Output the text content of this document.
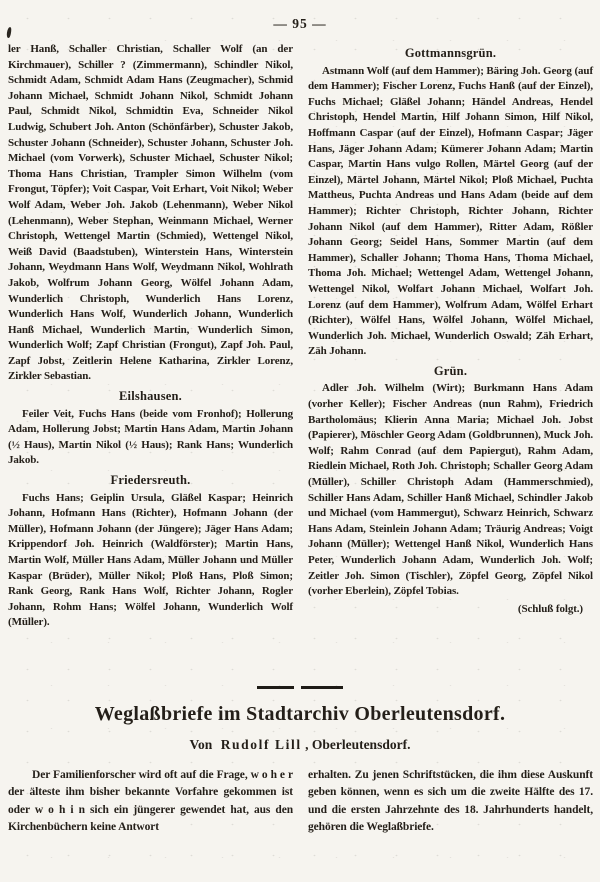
— 95 —

ler Hanß, Schaller Christian, Schaller Wolf (an der Kirchmauer), Schiller ? (Zimmermann), Schindler Nikol, Schmidt Adam, Schmidt Adam Hans (Zeugmacher), Schmid Johann Michael, Schmidt Johann Nikol, Schmidt Johann Paul, Schmidt Nikol, Schmidtin Eva, Schneider Nikol Ludwig, Schubert Joh. Anton (Schönfärber), Schuster Jakob, Schuster Johann (Schneider), Schuster Johann, Schuster Joh. Michael (vom Vorwerk), Schuster Michael, Schuster Nikol; Thoma Hans Christian, Trampler Simon Wilhelm (vom Frongut, Töpfer); Voit Caspar, Voit Erhart, Voit Nikol; Weber Wolf Adam, Weber Joh. Jakob (Lehenmann), Weber Nikol (Lehenmann), Weber Stephan, Weinmann Michael, Werner Christoph, Wettengel Martin (Schmied), Wettengel Nikol, Weiß David (Baadstuben), Winterstein Hans, Winterstein Johann, Weydmann Hans Wolf, Weydmann Nikol, Wohlrath Jakob, Wolfrum Johann Georg, Wölfel Johann Adam, Wunderlich Christoph, Wunderlich Hans Lorenz, Wunderlich Hans Wolf, Wunderlich Johann, Wunderlich Hanß Michael, Wunderlich Martin, Wunderlich Simon, Wunderlich Wolf; Zapf Christian (Frongut), Zapf Joh. Paul, Zapf Jobst, Zeitlerin Helene Katharina, Zirkler Lorenz, Zirkler Sebastian.

Eilshausen.

Feiler Veit, Fuchs Hans (beide vom Fronhof); Hollerung Adam, Hollerung Jobst; Martin Hans Adam, Martin Johann (½ Haus), Martin Nikol (½ Haus); Rank Hans; Wunderlich Jakob.

Friedersreuth.

Fuchs Hans; Geiplin Ursula, Gläßel Kaspar; Heinrich Johann, Hofmann Hans (Richter), Hofmann Johann (der Müller), Hofmann Johann (der Jüngere); Jäger Hans Adam; Krippendorf Joh. Heinrich (Waldförster); Martin Hans, Martin Wolf, Müller Hans Adam, Müller Johann und Müller Kaspar (Brüder), Müller Nikol; Ploß Hans, Ploß Simon; Rank Georg, Rank Hans Wolf, Richter Johann, Rogler Johann, Rohm Hans; Wölfel Johann, Wunderlich Wolf (Müller).

Gottmannsgrün.

Astmann Wolf (auf dem Hammer); Bäring Joh. Georg (auf dem Hammer); Fischer Lorenz, Fuchs Hanß (auf der Einzel), Fuchs Michael; Gläßel Johann; Händel Andreas, Hendel Christoph, Hendel Martin, Hilf Johann Simon, Hilf Nikol, Hoffmann Caspar (auf der Einzel), Hofmann Caspar; Jäger Hans, Jäger Johann Adam; Kümerer Johann Adam; Martin Caspar, Martin Hans vulgo Rollen, Märtel Georg (auf der Einzel), Märtel Johann, Märtel Nikol; Ploß Michael, Puchta Mattheus, Puchta Andreas und Hans Adam (beide auf dem Hammer); Richter Christoph, Richter Johann, Richter Johann Nikol (auf dem Hammer), Ritter Adam, Rößler Johann Georg; Seidel Hans, Sommer Martin (auf dem Hammer), Schaller Johann; Thoma Hans, Thoma Michael, Thoma Joh. Michael; Wettengel Adam, Wettengel Johann, Wettengel Nikol, Wolfart Johann Michael, Wolfart Joh. Lorenz (auf dem Hammer), Wolfrum Adam, Wölfel Erhart (Richter), Wölfel Hans, Wölfel Johann, Wölfel Michael, Wunderlich Joh. Michael, Wunderlich Oswald; Zäh Erhart, Zäh Johann.

Grün.

Adler Joh. Wilhelm (Wirt); Burkmann Hans Adam (vorher Keller); Fischer Andreas (nun Rahm), Friedrich Bartholomäus; Klierin Anna Maria; Michael Joh. Jobst (Papierer), Möschler Georg Adam (Goldbrunnen), Muck Joh. Wolf; Rahm Conrad (auf dem Papiergut), Rahm Adam, Riedlein Michael, Roth Joh. Christoph; Schaller Georg Adam (Müller), Schiller Christoph Adam (Hammerschmied), Schiller Hans Adam, Schiller Hanß Michael, Schindler Jakob und Michael (vom Hammergut), Schwarz Heinrich, Schwarz Hans Adam, Steinlein Johann Adam; Träurig Andreas; Voigt Johann (Müller); Wettengel Hanß Nikol, Wunderlich Hans Peter, Wunderlich Johann Adam, Wunderlich Joh. Wolf; Zeitler Joh. Simon (Tischler), Zöpfel Georg, Zöpfel Nikol (vorher Eberlein), Zöpfel Tobias.

(Schluß folgt.)
Weglaßbriefe im Stadtarchiv Oberleutensdorf.
Von Rudolf Lill , Oberleutensdorf.

Der Familienforscher wird oft auf die Frage, w o h e r der älteste ihm bisher bekannte Vorfahre gekommen ist oder w o h i n sich ein jüngerer gewendet hat, aus den Kirchenbüchern keine Antwort

erhalten. Zu jenen Schriftstücken, die ihm diese Auskunft geben können, wenn es sich um die zweite Hälfte des 17. und die ersten Jahrzehnte des 18. Jahrhunderts handelt, gehören die Weglaßbriefe.
